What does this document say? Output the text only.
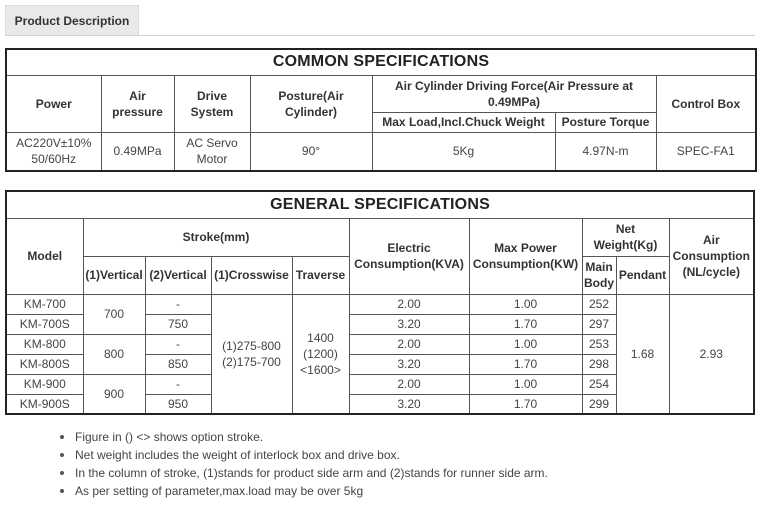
Product Description
COMMON SPECIFICATIONS						
Power	Air pressure	Drive System	Posture(Air Cylinder)	Air Cylinder Driving Force(Air Pressure at 0.49MPa)		Control Box
				Max Load,Incl.Chuck Weight	Posture Torque	
AC220V±10% 50/60Hz	0.49MPa	AC Servo Motor	90°	5Kg	4.97N-m	SPEC-FA1
GENERAL SPECIFICATIONS									
Model	Stroke(mm)				Electric Consumption(KVA)	Max Power Consumption(KW)	Net Weight(Kg)		Air Consumption (NL/cycle)
	(1)Vertical	(2)Vertical	(1)Crosswise	Traverse			Main Body	Pendant	
KM-700	700	-	(1)275-800 (2)175-700	1400 (1200) <1600>	2.00	1.00	252	1.68	2.93
KM-700S		750			3.20	1.70	297		
KM-800	800	-			2.00	1.00	253		
KM-800S		850			3.20	1.70	298		
KM-900	900	-			2.00	1.00	254		
KM-900S		950			3.20	1.70	299		
Figure in () <> shows option stroke.
Net weight includes the weight of interlock box and drive box.
In the column of stroke, (1)stands for product side arm and (2)stands for runner side arm.
As per setting of parameter,max.load may be over 5kg
